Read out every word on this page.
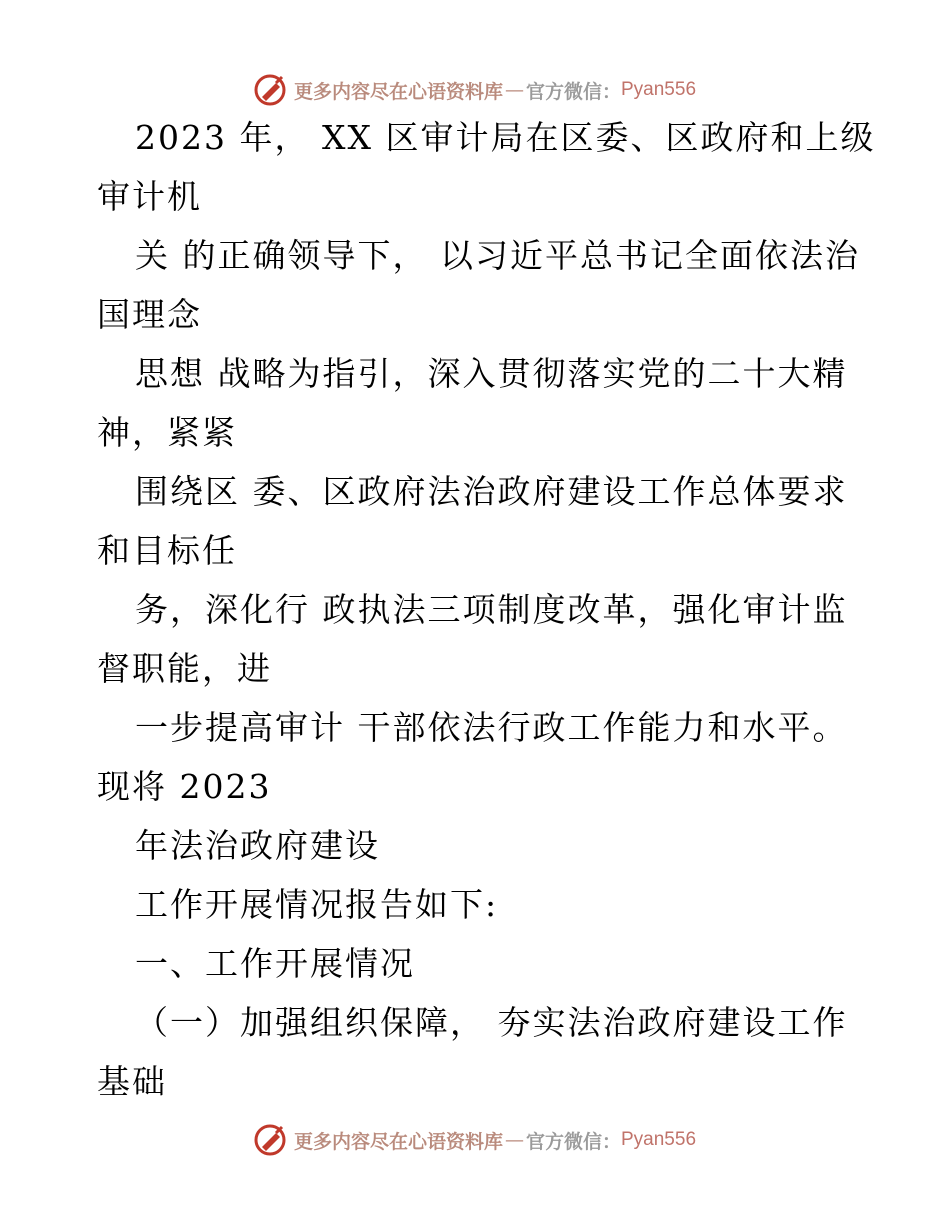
更多内容尽在心语资料库 — 官方微信： Pyan556
2023 年， XX 区审计局在区委、区政府和上级
审计机
关 的正确领导下， 以习近平总书记全面依法治
国理念
思想 战略为指引，深入贯彻落实党的二十大精
神，紧紧
围绕区 委、区政府法治政府建设工作总体要求
和目标任
务，深化行 政执法三项制度改革，强化审计监
督职能，进
一步提高审计 干部依法行政工作能力和水平。
现将 2023
年法治政府建设
工作开展情况报告如下:
一、工作开展情况
（一）加强组织保障， 夯实法治政府建设工作
基础
更多内容尽在心语资料库 — 官方微信： Pyan556
